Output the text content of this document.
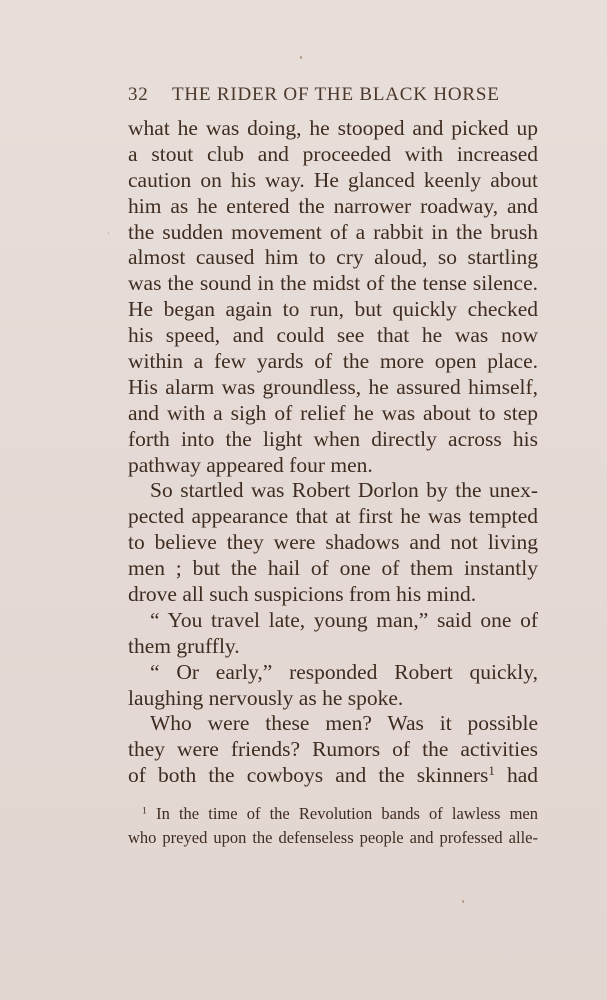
32 THE RIDER OF THE BLACK HORSE
what he was doing, he stooped and picked up
a stout club and proceeded with increased
caution on his way. He glanced keenly about
him as he entered the narrower roadway, and
the sudden movement of a rabbit in the brush
almost caused him to cry aloud, so startling
was the sound in the midst of the tense silence.
He began again to run, but quickly checked
his speed, and could see that he was now
within a few yards of the more open place.
His alarm was groundless, he assured himself,
and with a sigh of relief he was about to step
forth into the light when directly across his
pathway appeared four men.
So startled was Robert Dorlon by the unex-
pected appearance that at first he was tempted
to believe they were shadows and not living
men ; but the hail of one of them instantly
drove all such suspicions from his mind.
“ You travel late, young man,” said one of
them gruffly.
“ Or early,” responded Robert quickly,
laughing nervously as he spoke.
Who were these men? Was it possible
they were friends? Rumors of the activities
of both the cowboys and the skinners$^1$ had
$^1$ In the time of the Revolution bands of lawless men
who preyed upon the defenseless people and professed alle-
